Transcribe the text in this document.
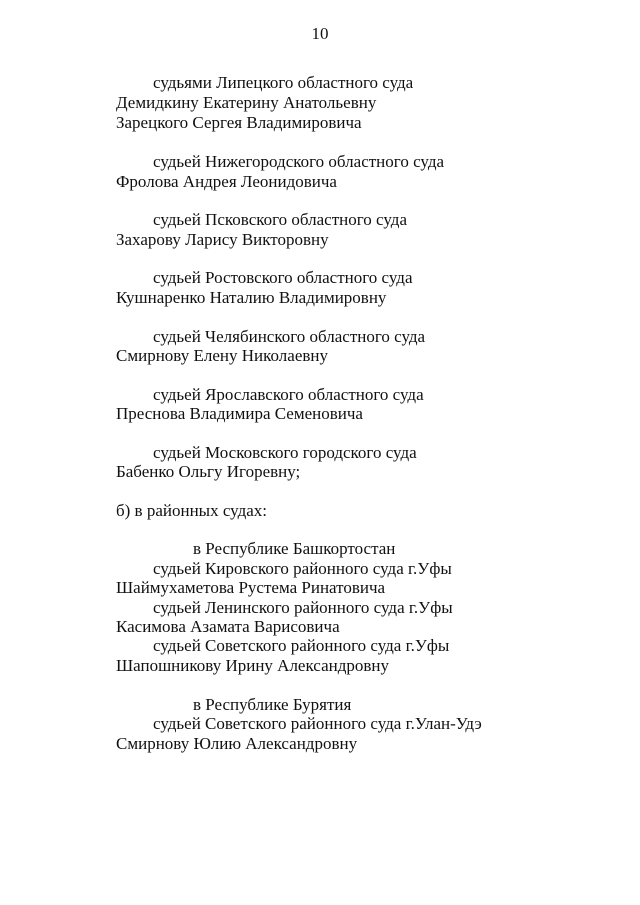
10
судьями Липецкого областного суда
Демидкину Екатерину Анатольевну
Зарецкого Сергея Владимировича
судьей Нижегородского областного суда
Фролова Андрея Леонидовича
судьей Псковского областного суда
Захарову Ларису Викторовну
судьей Ростовского областного суда
Кушнаренко Наталию Владимировну
судьей Челябинского областного суда
Смирнову Елену Николаевну
судьей Ярославского областного суда
Преснова Владимира Семеновича
судьей Московского городского суда
Бабенко Ольгу Игоревну;
б) в районных судах:
в Республике Башкортостан
судьей Кировского районного суда г.Уфы
Шаймухаметова Рустема Ринатовича
судьей Ленинского районного суда г.Уфы
Касимова Азамата Варисовича
судьей Советского районного суда г.Уфы
Шапошникову Ирину Александровну
в Республике Бурятия
судьей Советского районного суда г.Улан-Удэ
Смирнову Юлию Александровну
